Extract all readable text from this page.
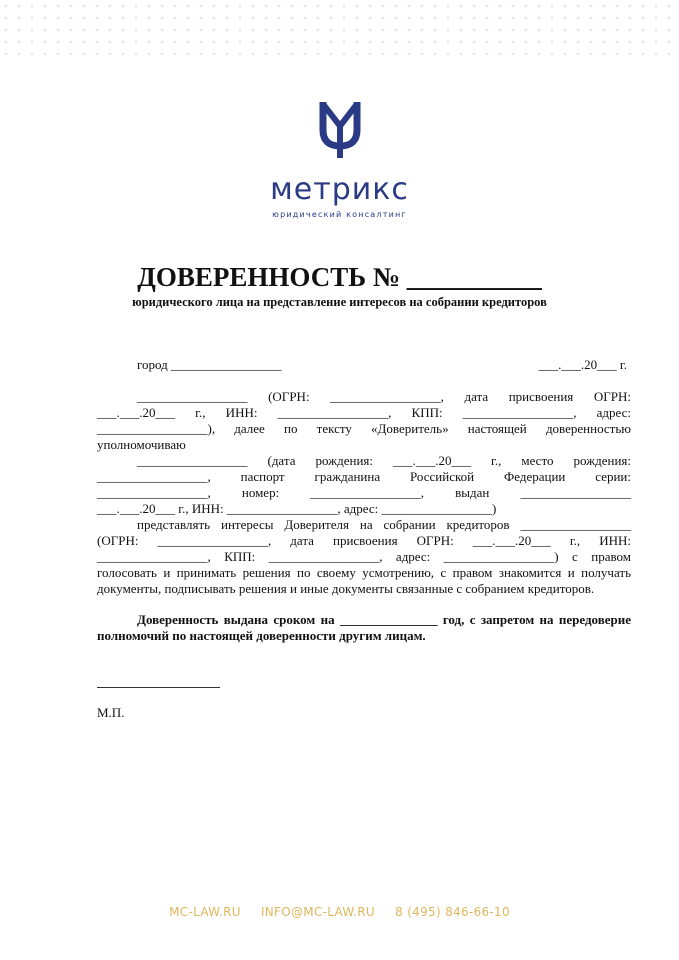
метрикс
юридический консалтинг
ДОВЕРЕННОСТЬ № __________
юридического лица на представление интересов на собрании кредиторов
город _________________	___.___.20___ г.
_________________ (ОГРН: _________________, дата присвоения ОГРН:
___.___.20___ г., ИНН: _________________, КПП: _________________, адрес:
_________________), далее по тексту «Доверитель» настоящей доверенностью
уполномочиваю
_________________ (дата рождения: ___.___.20___ г., место рождения:
_________________, паспорт гражданина Российской Федерации серии:
_________________, номер: _________________, выдан _________________
___.___.20___ г., ИНН: _________________, адрес: _________________)
представлять интересы Доверителя на собрании кредиторов _________________
(ОГРН: _________________, дата присвоения ОГРН: ___.___.20___ г., ИНН:
_________________, КПП: _________________, адрес: _________________) с правом
голосовать и принимать решения по своему усмотрению, с правом знакомится и получать
документы, подписывать решения и иные документы связанные с собранием кредиторов.
Доверенность выдана сроком на _______________ год, с запретом на передоверие
полномочий по настоящей доверенности другим лицам.
М.П.
MC-LAW.RU INFO@MC-LAW.RU 8 (495) 846-66-10
